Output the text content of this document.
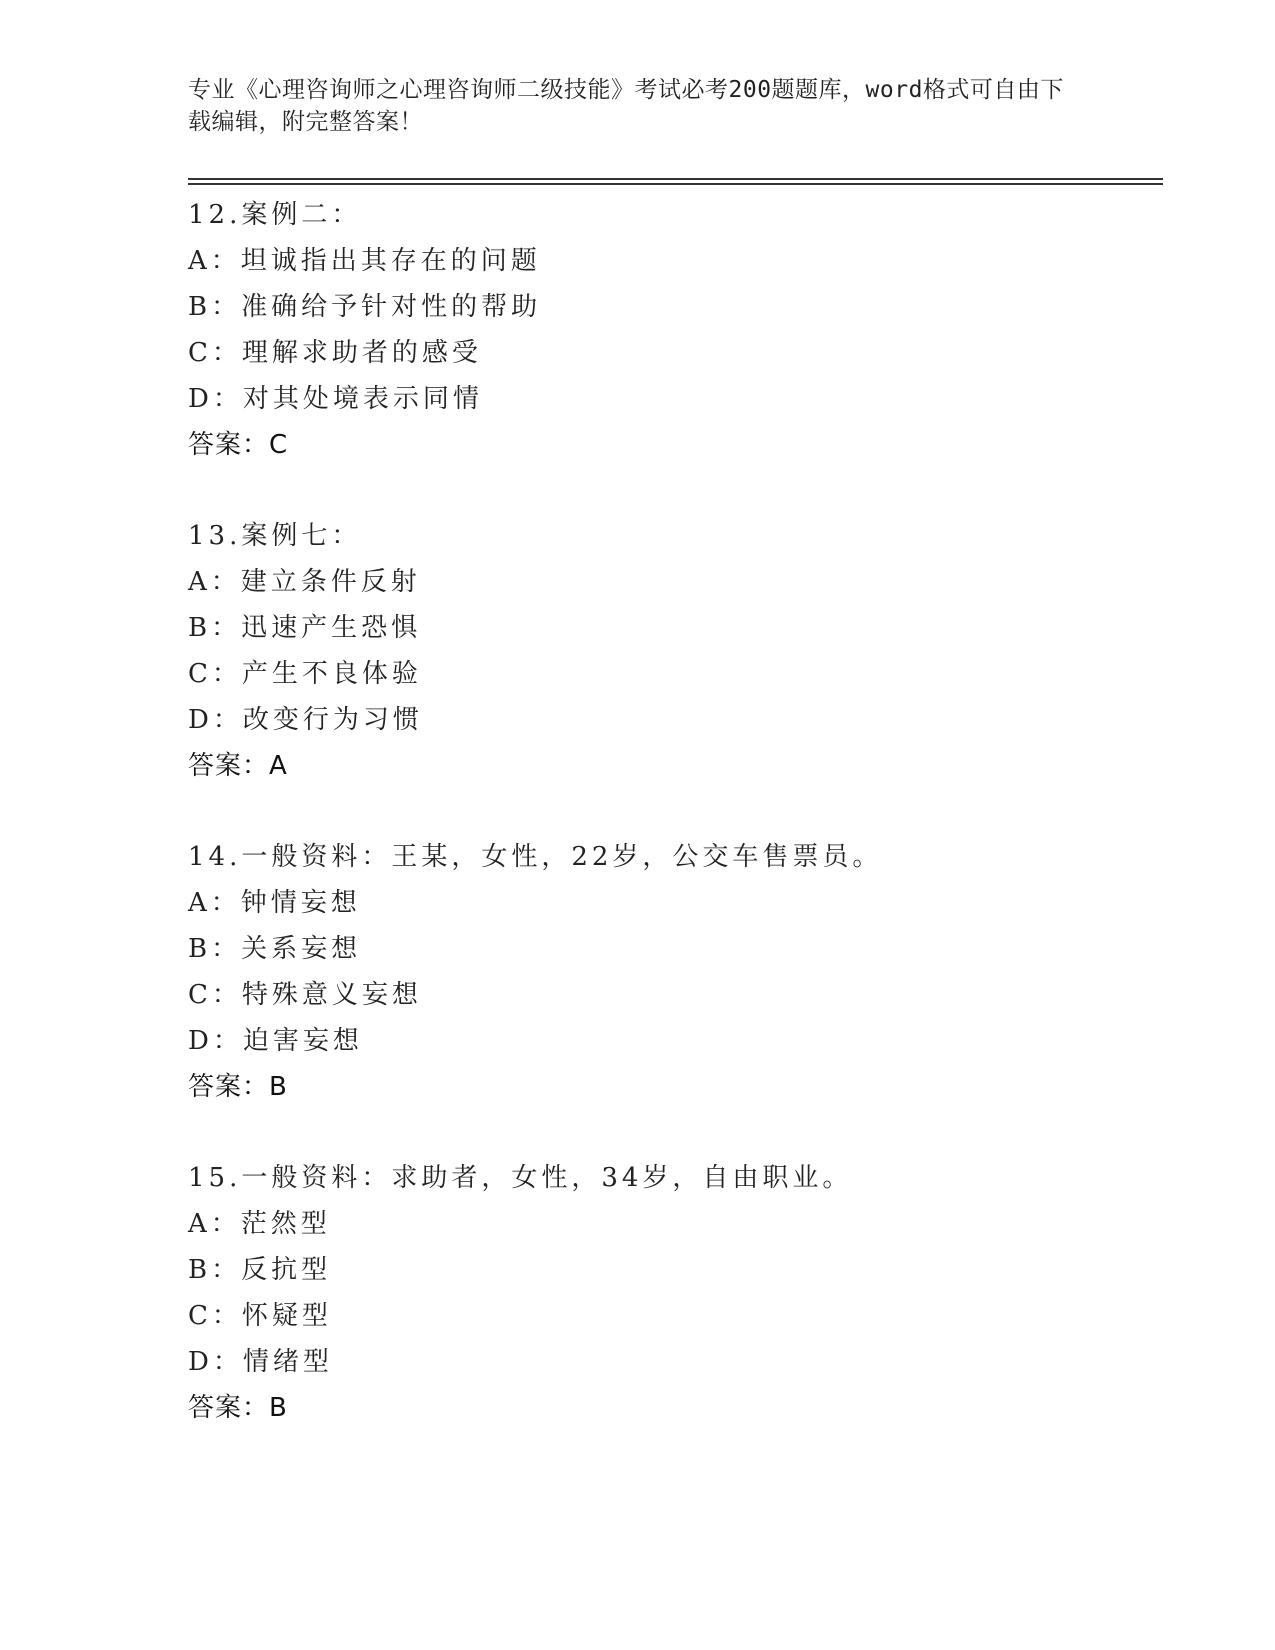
专业《心理咨询师之心理咨询师二级技能》考试必考200题题库，word格式可自由下载编辑，附完整答案！
12.案例二：
A：坦诚指出其存在的问题
B：准确给予针对性的帮助
C：理解求助者的感受
D：对其处境表示同情
答案：C
13.案例七：
A：建立条件反射
B：迅速产生恐惧
C：产生不良体验
D：改变行为习惯
答案：A
14.一般资料：王某，女性，22岁，公交车售票员。
A：钟情妄想
B：关系妄想
C：特殊意义妄想
D：迫害妄想
答案：B
15.一般资料：求助者，女性，34岁，自由职业。
A：茫然型
B：反抗型
C：怀疑型
D：情绪型
答案：B
